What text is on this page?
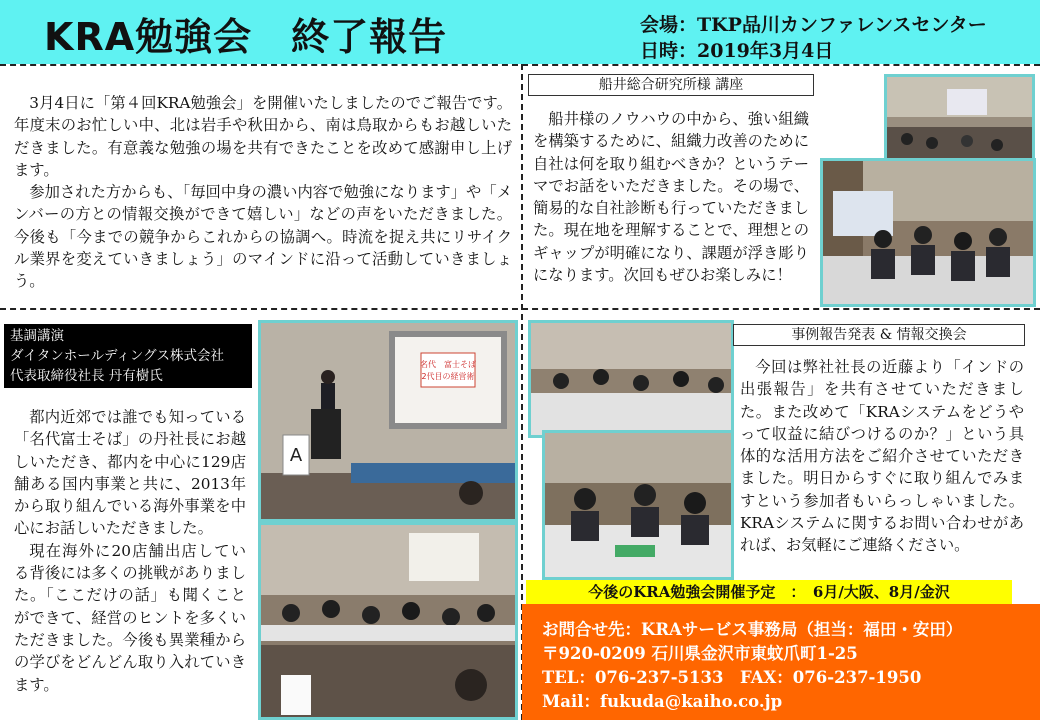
KRA勉強会　終了報告	会場：TKP品川カンファレンスセンター
日時：2019年3月4日

3月4日に「第４回KRA勉強会」を開催いたしましたのでご報告です。年度末のお忙しい中、北は岩手や秋田から、南は鳥取からもお越しいただきました。有意義な勉強の場を共有できたことを改めて感謝申し上げます。

参加された方からも、「毎回中身の濃い内容で勉強になります」や「メンバーの方との情報交換ができて嬉しい」などの声をいただきました。今後も「今までの競争からこれからの協調へ。時流を捉え共にリサイクル業界を変えていきましょう」のマインドに沿って活動していきましょう。

船井総合研究所様 講座

船井様のノウハウの中から、強い組織を構築するために、組織力改善のために自社は何を取り組むべきか？というテーマでお話をいただきました。その場で、簡易的な自社診断も行っていただきました。現在地を理解することで、理想とのギャップが明確になり、課題が浮き彫りになります。次回もぜひお楽しみに！

基調講演
ダイタンホールディングス株式会社
代表取締役社長 丹有樹氏

都内近郊では誰でも知っている「名代富士そば」の丹社長にお越しいただき、都内を中心に129店舗ある国内事業と共に、2013年から取り組んでいる海外事業を中心にお話しいただきました。

現在海外に20店舗出店している背後には多くの挑戦がありました。「ここだけの話」も聞くことができて、経営のヒントを多くいただきました。今後も異業種からの学びをどんどん取り入れていきます。

名代　富士そば
2代目の経営術
A
事例報告発表 & 情報交換会

今回は弊社社長の近藤より「インドの出張報告」を共有させていただきました。また改めて「KRAシステムをどうやって収益に結びつけるのか？」という具体的な活用方法をご紹介させていただきました。明日からすぐに取り組んでみますという参加者もいらっしゃいました。KRAシステムに関するお問い合わせがあれば、お気軽にご連絡ください。

今後のKRA勉強会開催予定　：　6月/大阪、8月/金沢
お問合せ先：KRAサービス事務局（担当：福田・安田）
〒920-0209 石川県金沢市東蚊爪町1-25
TEL：076-237-5133　FAX：076-237-1950
Mail：fukuda@kaiho.co.jp
